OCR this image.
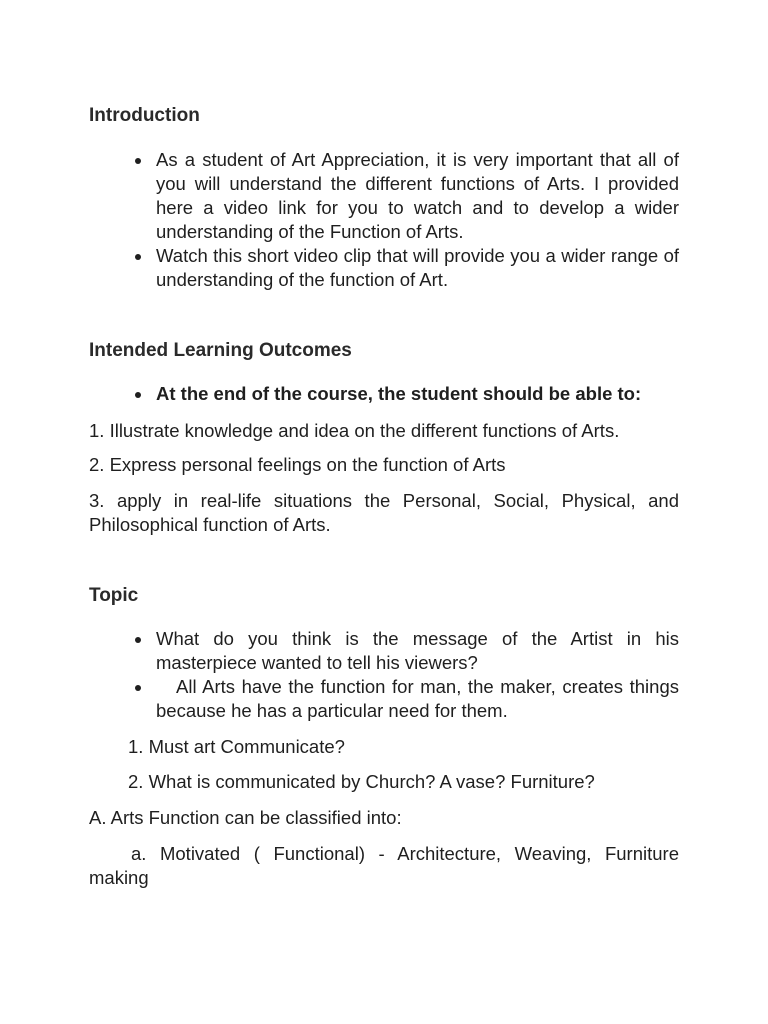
Introduction
As a student of Art Appreciation, it is very important that all of you will understand the different functions of Arts. I provided here a video link for you to watch and to develop a wider understanding of the Function of Arts.
Watch this short video clip that will provide you a wider range of understanding of the function of Art.
Intended Learning Outcomes
At the end of the course, the student should be able to:
1. Illustrate knowledge and idea on the different functions of Arts.
2. Express personal feelings on the function of Arts
3. apply in real-life situations the Personal, Social, Physical, and Philosophical function of Arts.
Topic
What do you think is the message of the Artist in his masterpiece wanted to tell his viewers?
All Arts have the function for man, the maker, creates things because he has a particular need for them.
1. Must art Communicate?
2. What is communicated by Church? A vase? Furniture?
A. Arts Function can be classified into:
a. Motivated ( Functional) - Architecture, Weaving, Furniture making
